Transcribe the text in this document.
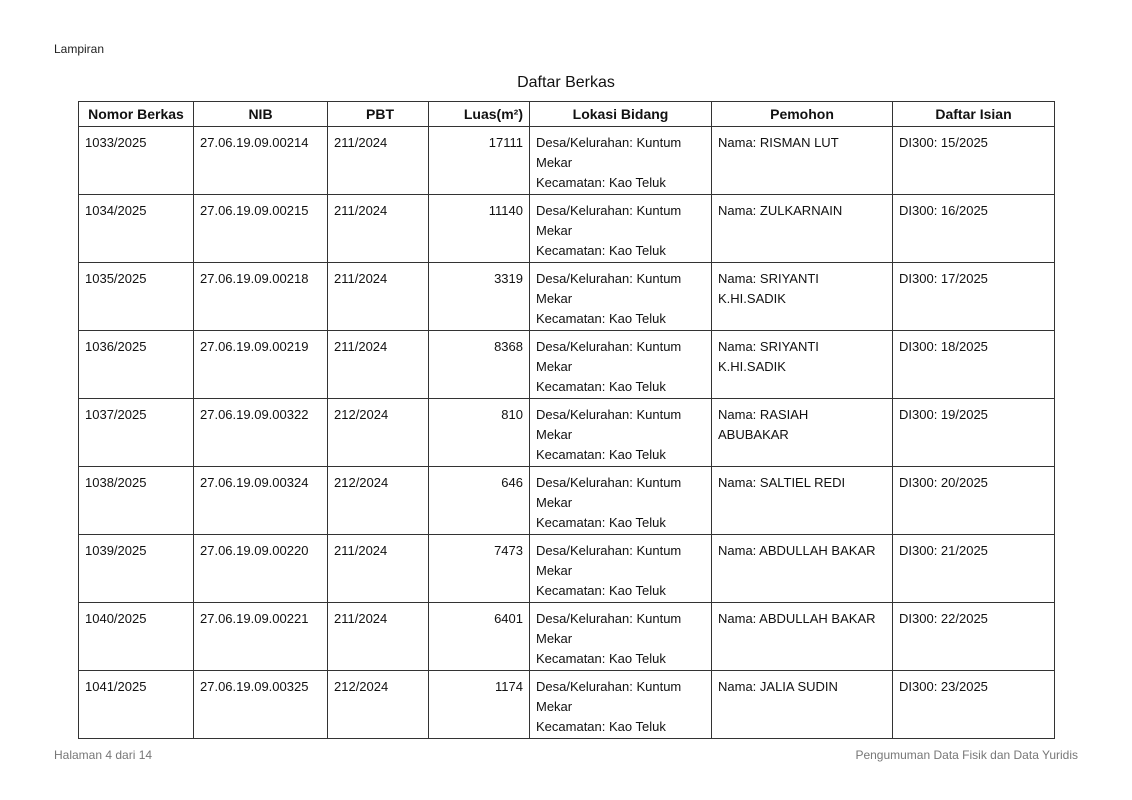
Lampiran
Daftar Berkas
Nomor Berkas	NIB	PBT	Luas(m²)	Lokasi Bidang	Pemohon	Daftar Isian
1033/2025	27.06.19.09.00214	211/2024	17111	Desa/Kelurahan: Kuntum
Mekar
Kecamatan: Kao Teluk	Nama: RISMAN LUT	DI300: 15/2025
1034/2025	27.06.19.09.00215	211/2024	11140	Desa/Kelurahan: Kuntum
Mekar
Kecamatan: Kao Teluk	Nama: ZULKARNAIN	DI300: 16/2025
1035/2025	27.06.19.09.00218	211/2024	3319	Desa/Kelurahan: Kuntum
Mekar
Kecamatan: Kao Teluk	Nama: SRIYANTI
K.HI.SADIK	DI300: 17/2025
1036/2025	27.06.19.09.00219	211/2024	8368	Desa/Kelurahan: Kuntum
Mekar
Kecamatan: Kao Teluk	Nama: SRIYANTI
K.HI.SADIK	DI300: 18/2025
1037/2025	27.06.19.09.00322	212/2024	810	Desa/Kelurahan: Kuntum
Mekar
Kecamatan: Kao Teluk	Nama: RASIAH
ABUBAKAR	DI300: 19/2025
1038/2025	27.06.19.09.00324	212/2024	646	Desa/Kelurahan: Kuntum
Mekar
Kecamatan: Kao Teluk	Nama: SALTIEL REDI	DI300: 20/2025
1039/2025	27.06.19.09.00220	211/2024	7473	Desa/Kelurahan: Kuntum
Mekar
Kecamatan: Kao Teluk	Nama: ABDULLAH BAKAR	DI300: 21/2025
1040/2025	27.06.19.09.00221	211/2024	6401	Desa/Kelurahan: Kuntum
Mekar
Kecamatan: Kao Teluk	Nama: ABDULLAH BAKAR	DI300: 22/2025
1041/2025	27.06.19.09.00325	212/2024	1174	Desa/Kelurahan: Kuntum
Mekar
Kecamatan: Kao Teluk	Nama: JALIA SUDIN	DI300: 23/2025
Halaman 4 dari 14	Pengumuman Data Fisik dan Data Yuridis
